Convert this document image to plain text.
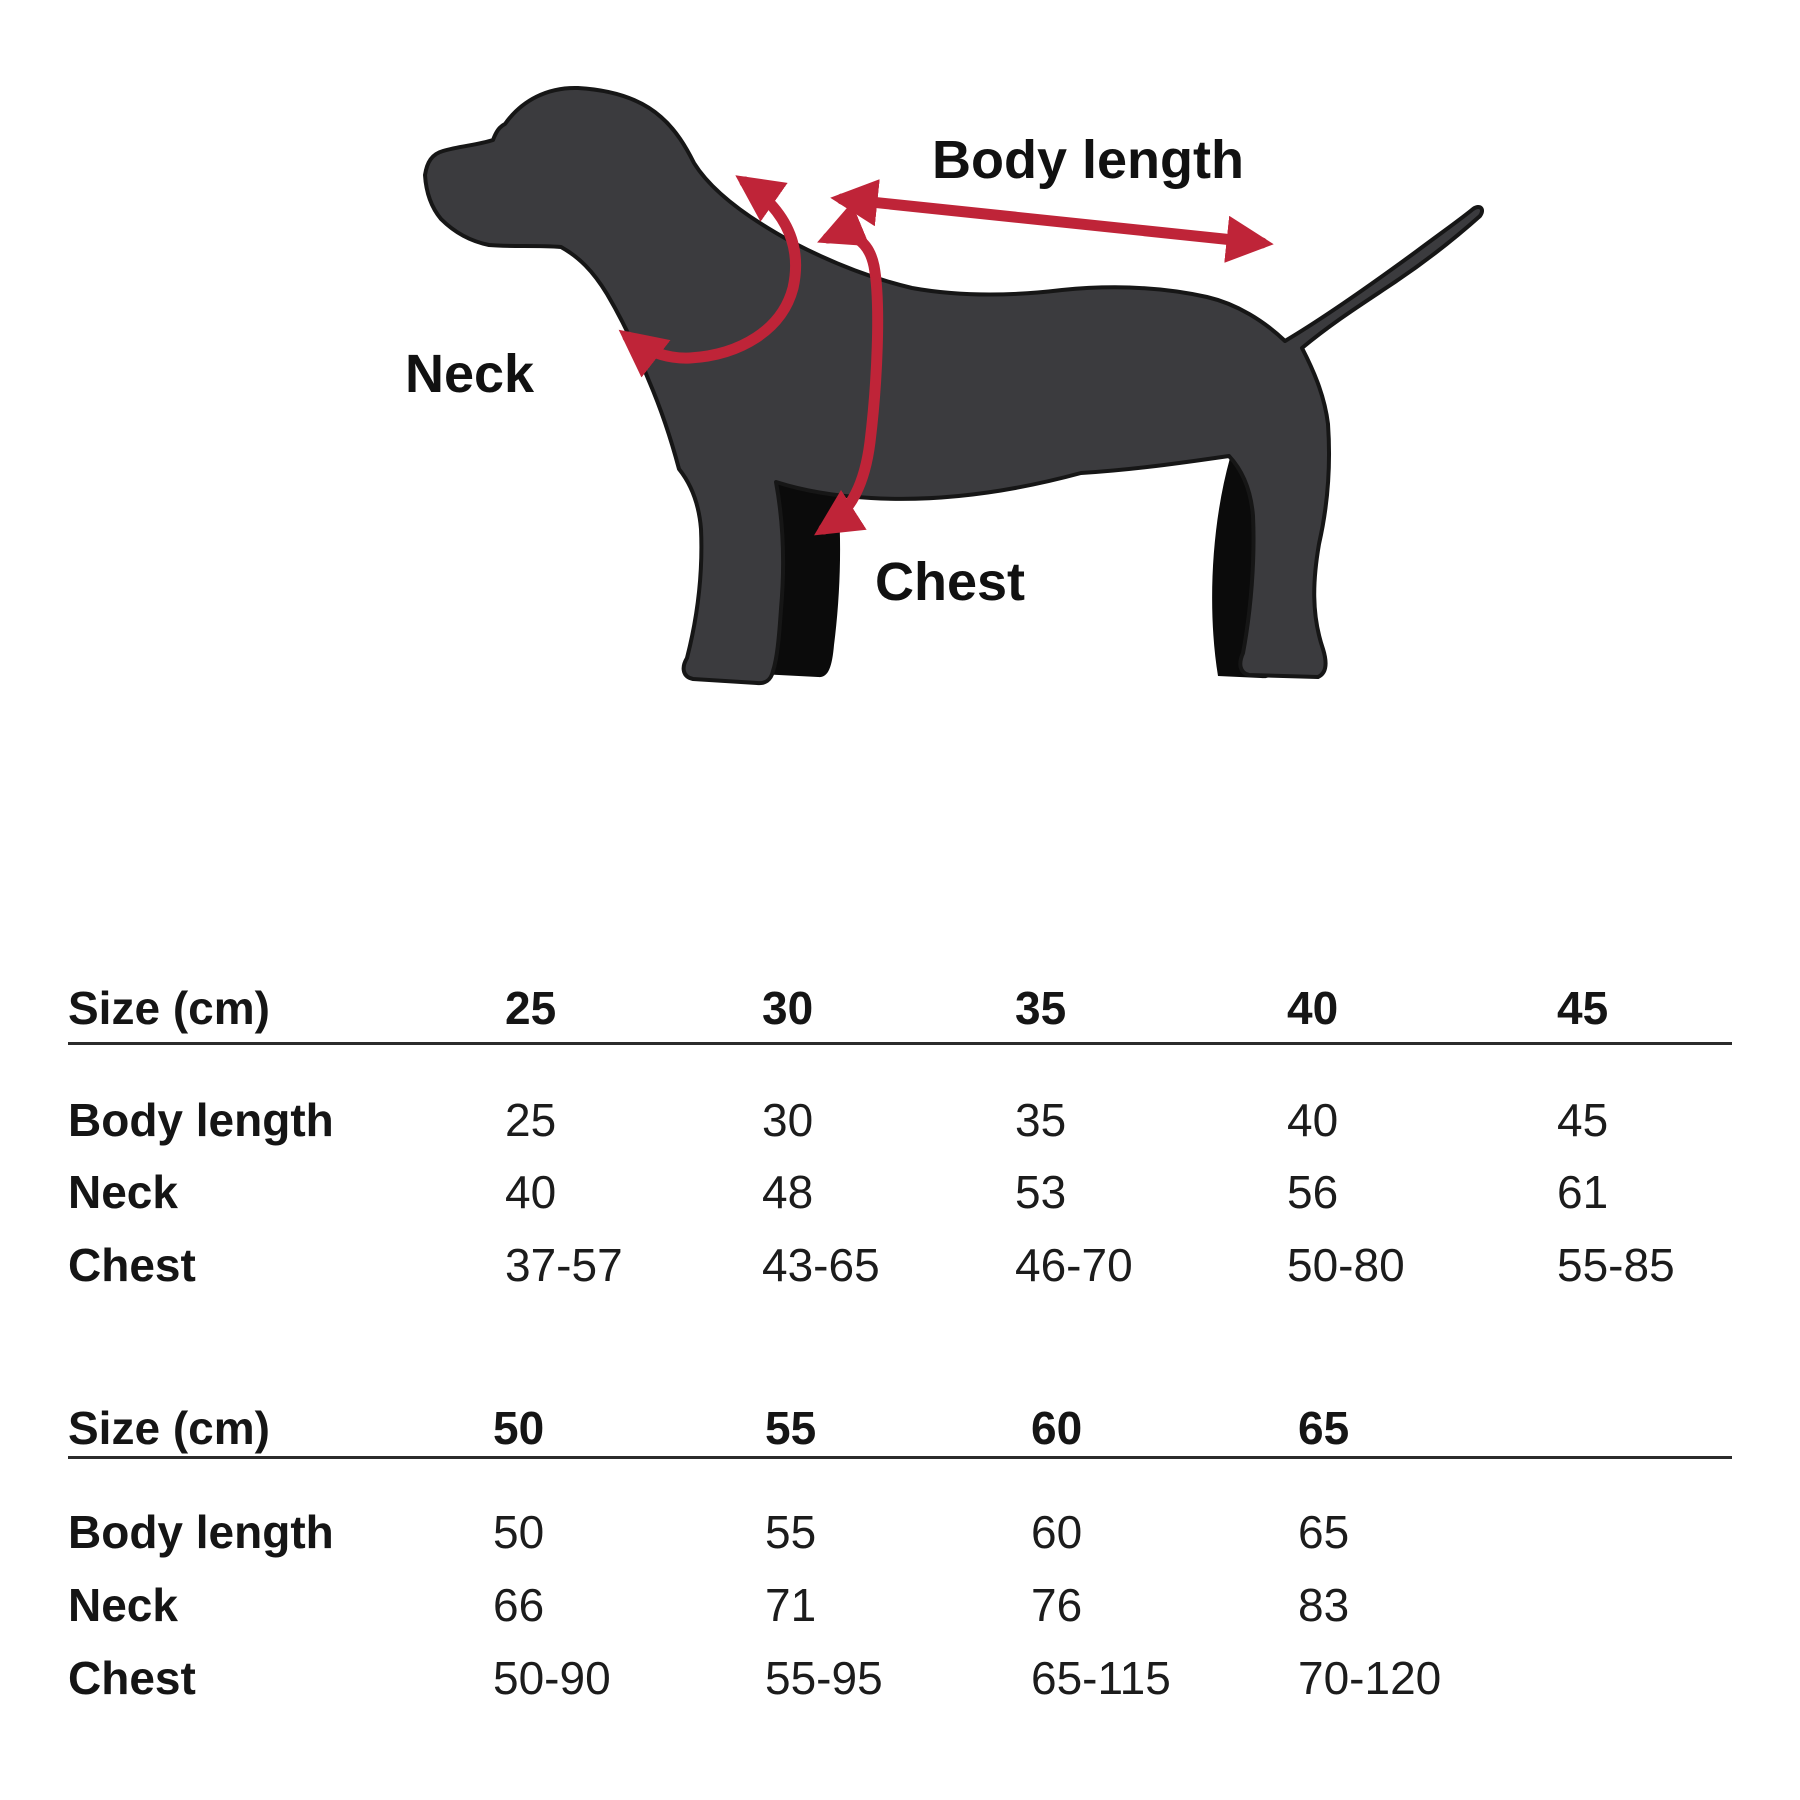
Body length
Neck
Chest
Size (cm)	25	30	35	40	45
Body length	25	30	35	40	45
Neck	40	48	53	56	61
Chest	37-57	43-65	46-70	50-80	55-85
Size (cm)	50	55	60	65
Body length	50	55	60	65
Neck	66	71	76	83
Chest	50-90	55-95	65-115	70-120
